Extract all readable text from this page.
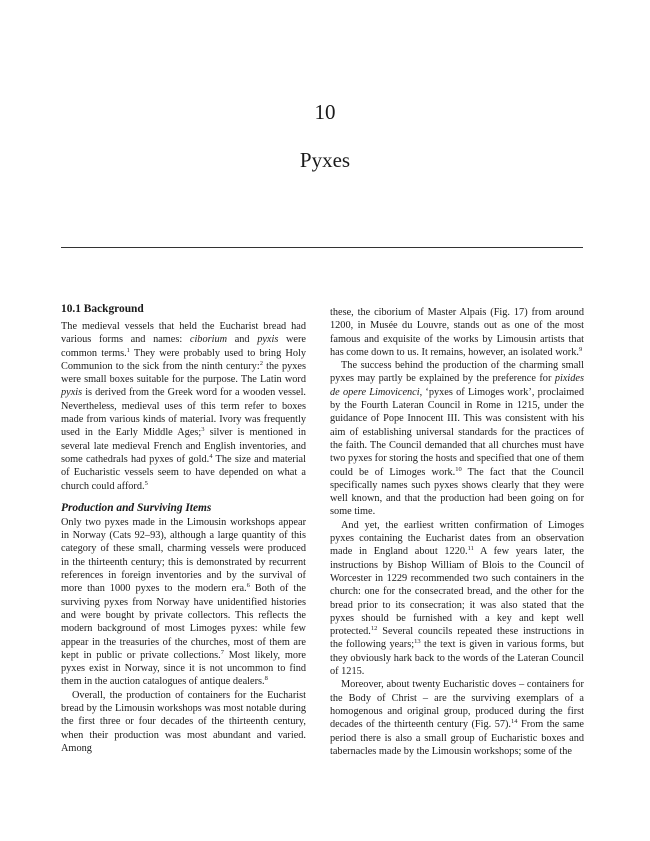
10
Pyxes
10.1 Background

The medieval vessels that held the Eucharist bread had various forms and names: ciborium and pyxis were common terms.$^1$ They were probably used to bring Holy Communion to the sick from the ninth century:$^2$ the pyxes were small boxes suitable for the purpose. The Latin word pyxis is derived from the Greek word for a wooden vessel. Nevertheless, medieval uses of this term refer to boxes made from various kinds of material. Ivory was frequently used in the Early Middle Ages;$^3$ silver is mentioned in several late medieval French and English inventories, and some cathedrals had pyxes of gold.$^4$ The size and material of Eucharistic vessels seem to have depended on what a church could afford.$^5$

Production and Surviving Items

Only two pyxes made in the Limousin workshops appear in Norway (Cats 92–93), although a large quantity of this category of these small, charming vessels were produced in the thirteenth century; this is demonstrated by recurrent references in foreign inventories and by the survival of more than 1000 pyxes to the modern era.$^6$ Both of the surviving pyxes from Norway have unidentified histories and were bought by private collectors. This reflects the modern background of most Limoges pyxes: while few appear in the treasuries of the churches, most of them are kept in public or private collections.$^7$ Most likely, more pyxes exist in Norway, since it is not uncommon to find them in the auction catalogues of antique dealers.$^8$

Overall, the production of containers for the Eucharist bread by the Limousin workshops was most notable during the first three or four decades of the thirteenth century, when their production was most abundant and varied. Among

these, the ciborium of Master Alpais (Fig. 17) from around 1200, in Musée du Louvre, stands out as one of the most famous and exquisite of the works by Limousin artists that has come down to us. It remains, however, an isolated work.$^9$

The success behind the production of the charming small pyxes may partly be explained by the preference for pixides de opere Limovicenci, ‘pyxes of Limoges work’, proclaimed by the Fourth Lateran Council in Rome in 1215, under the guidance of Pope Innocent III. This was consistent with his aim of establishing universal standards for the practices of the faith. The Council demanded that all churches must have two pyxes for storing the hosts and specified that one of them could be of Limoges work.$^{10}$ The fact that the Council specifically names such pyxes shows clearly that they were well known, and that the production had been going on for some time.

And yet, the earliest written confirmation of Limoges pyxes containing the Eucharist dates from an observation made in England about 1220.11 A few years later, the instructions by Bishop William of Blois to the Council of Worcester in 1229 recommended two such containers in the church: one for the consecrated bread, and the other for the bread prior to its consecration; it was also stated that the pyxes should be furnished with a key and kept well protected.$^{12}$ Several councils repeated these instructions in the following years;$^{13}$ the text is given in various forms, but they obviously hark back to the words of the Lateran Council of 1215.

Moreover, about twenty Eucharistic doves – containers for the Body of Christ – are the surviving exemplars of a homogenous and original group, produced during the first decades of the thirteenth century (Fig. 57).$^{14}$ From the same period there is also a small group of Eucharistic boxes and tabernacles made by the Limousin workshops; some of the
